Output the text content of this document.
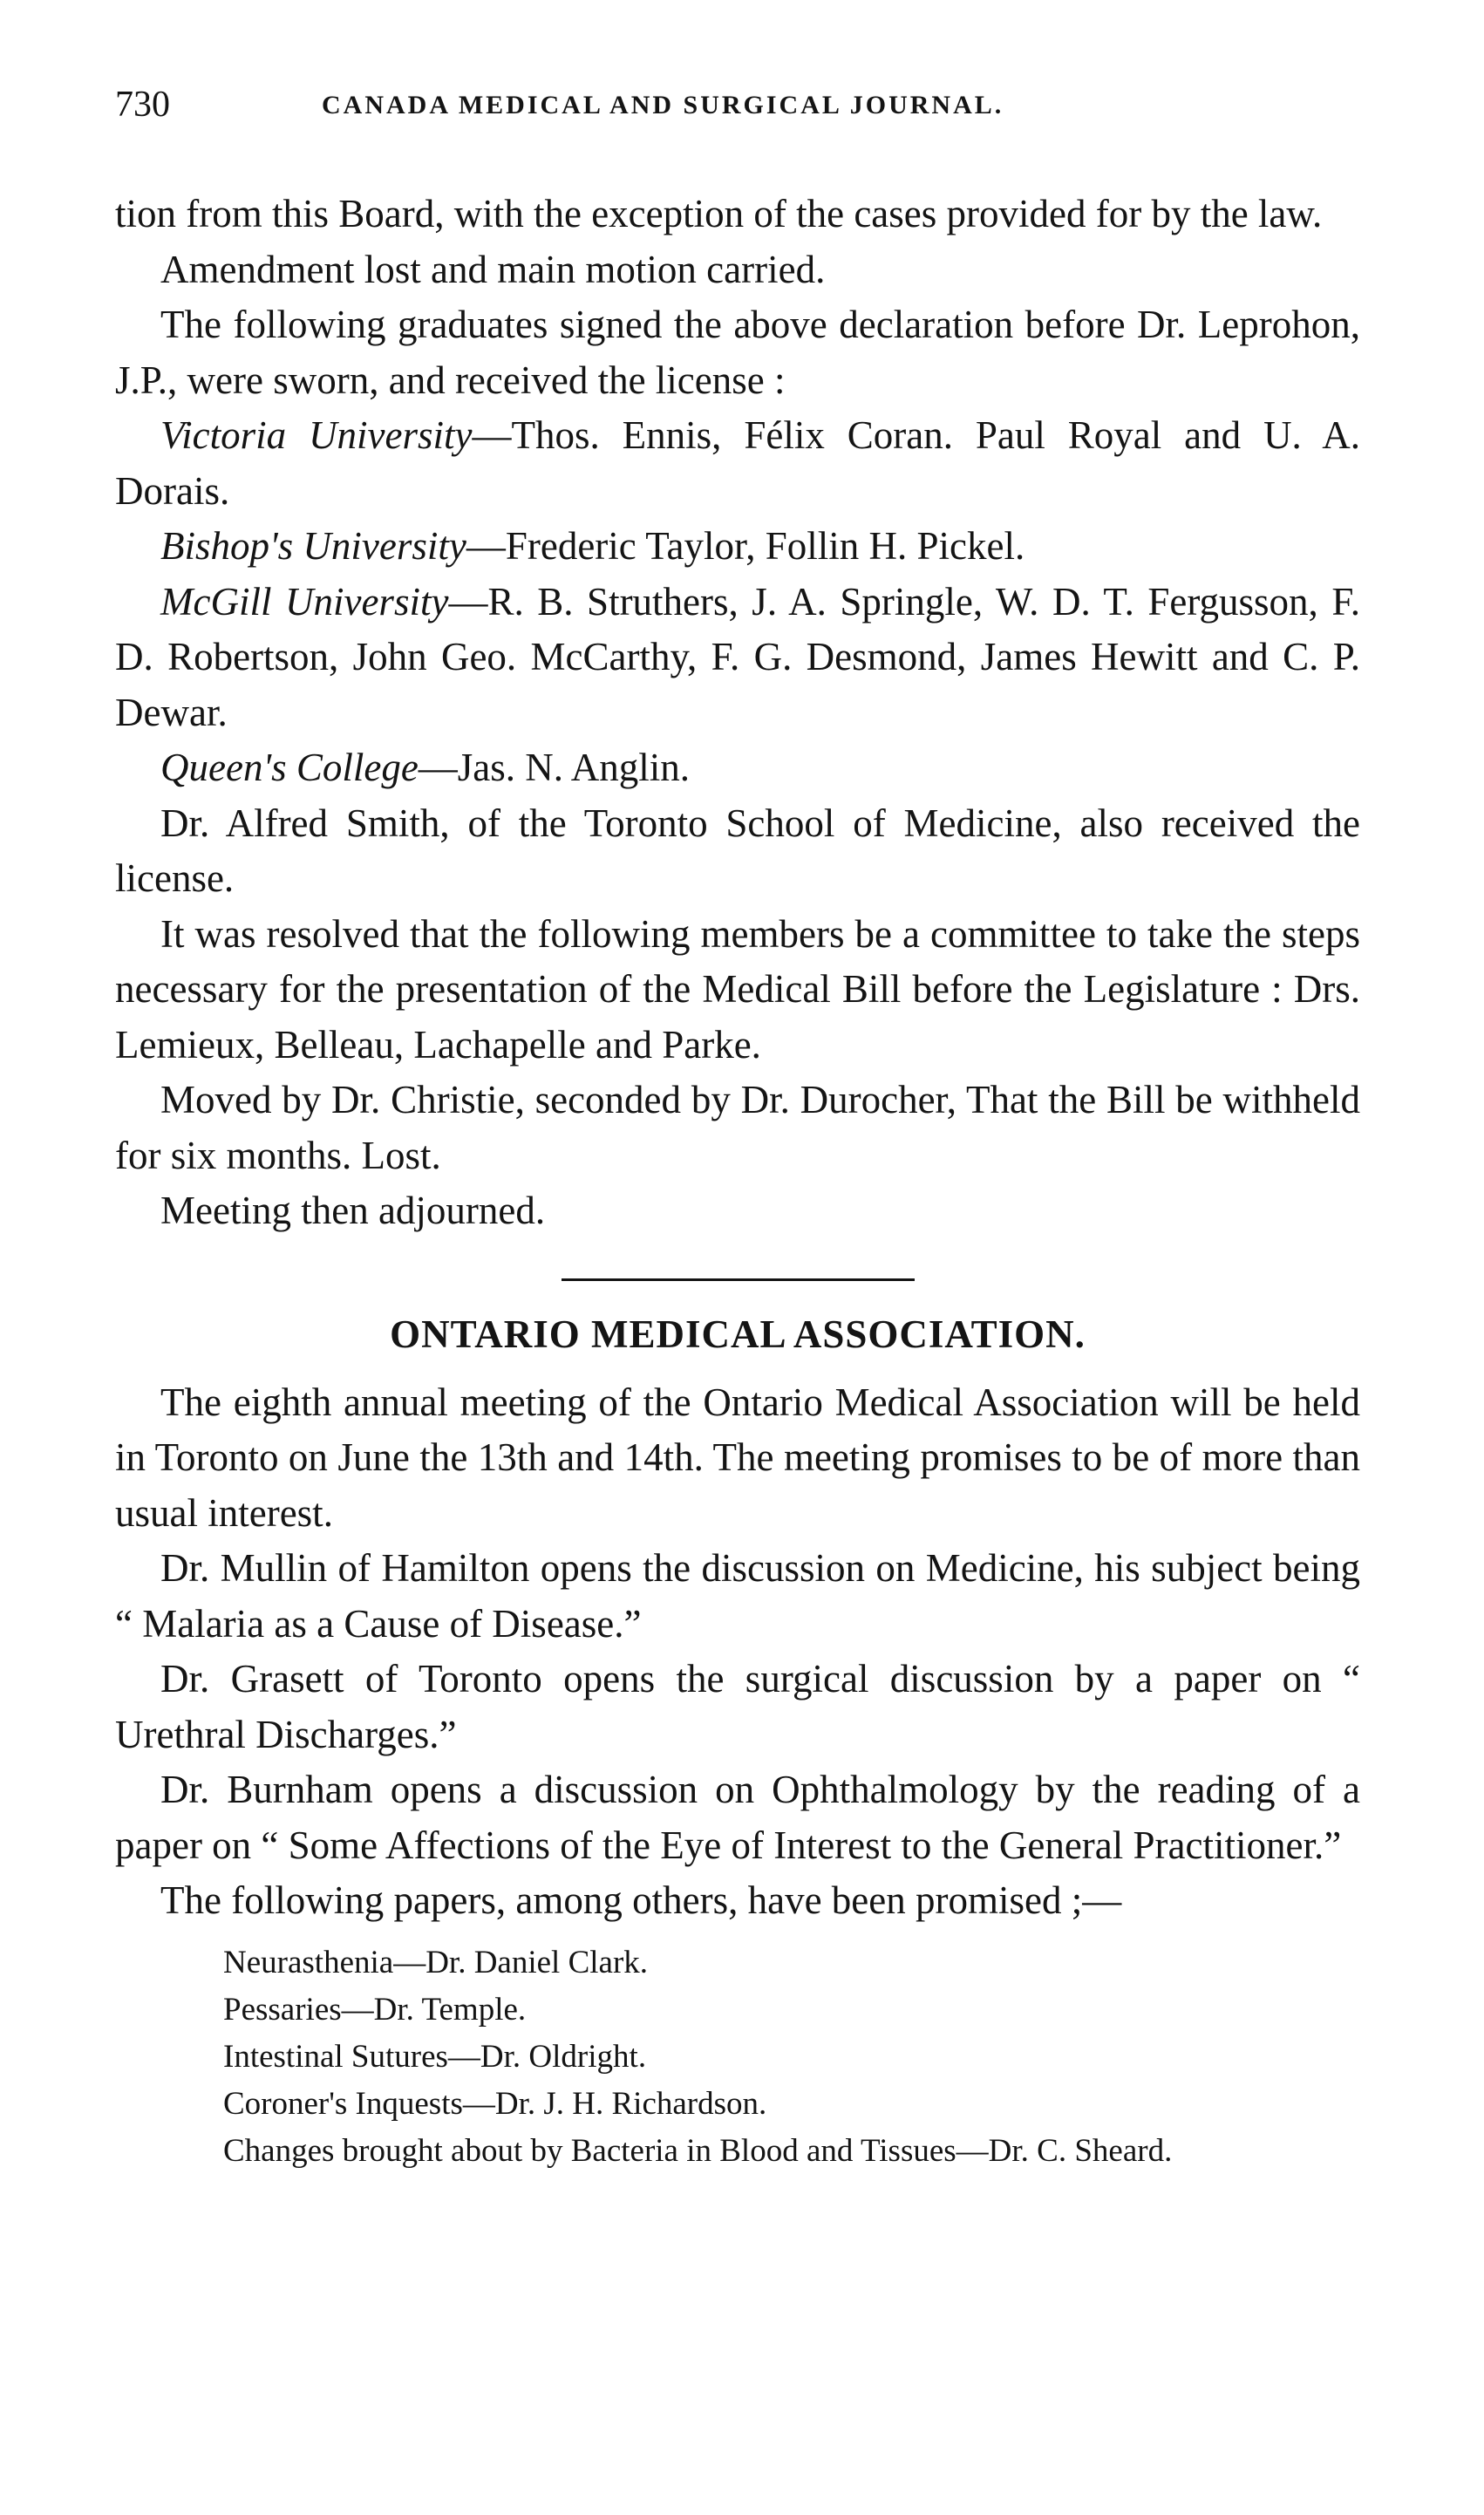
730	CANADA MEDICAL AND SURGICAL JOURNAL.

tion from this Board, with the exception of the cases provided for by the law.

Amendment lost and main motion carried.

The following graduates signed the above declaration before Dr. Leprohon, J.P., were sworn, and received the license :

Victoria University—Thos. Ennis, Félix Coran. Paul Royal and U. A. Dorais.

Bishop's University—Frederic Taylor, Follin H. Pickel.

McGill University—R. B. Struthers, J. A. Springle, W. D. T. Fergusson, F. D. Robertson, John Geo. McCarthy, F. G. Desmond, James Hewitt and C. P. Dewar.

Queen's College—Jas. N. Anglin.

Dr. Alfred Smith, of the Toronto School of Medicine, also received the license.

It was resolved that the following members be a committee to take the steps necessary for the presentation of the Medical Bill before the Legislature : Drs. Lemieux, Belleau, Lachapelle and Parke.

Moved by Dr. Christie, seconded by Dr. Durocher, That the Bill be withheld for six months. Lost.

Meeting then adjourned.

ONTARIO MEDICAL ASSOCIATION.

The eighth annual meeting of the Ontario Medical Association will be held in Toronto on June the 13th and 14th. The meeting promises to be of more than usual interest.

Dr. Mullin of Hamilton opens the discussion on Medicine, his subject being “ Malaria as a Cause of Disease.”

Dr. Grasett of Toronto opens the surgical discussion by a paper on “ Urethral Discharges.”

Dr. Burnham opens a discussion on Ophthalmology by the reading of a paper on “ Some Affections of the Eye of Interest to the General Practitioner.”

The following papers, among others, have been promised ;—

Neurasthenia—Dr. Daniel Clark.
Pessaries—Dr. Temple.
Intestinal Sutures—Dr. Oldright.
Coroner's Inquests—Dr. J. H. Richardson.
Changes brought about by Bacteria in Blood and Tissues—Dr. C. Sheard.
